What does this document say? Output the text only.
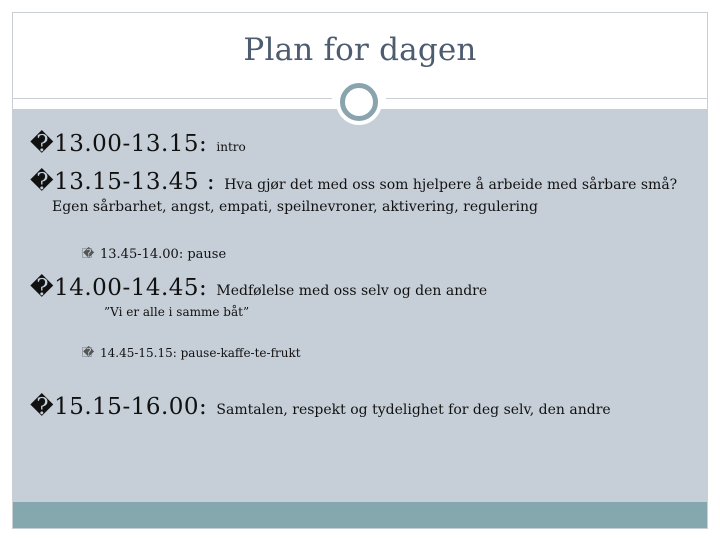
Plan for dagen
�13.00-13.15: intro
�13.15-13.45 : Hva gjør det med oss som hjelpere å arbeide med sårbare små?
Egen sårbarhet, angst, empati, speilnevroner, aktivering, regulering
� 13.45-14.00: pause
�14.00-14.45: Medfølelse med oss selv og den andre
”Vi er alle i samme båt”
� 14.45-15.15: pause-kaffe-te-frukt
�15.15-16.00: Samtalen, respekt og tydelighet for deg selv, den andre
